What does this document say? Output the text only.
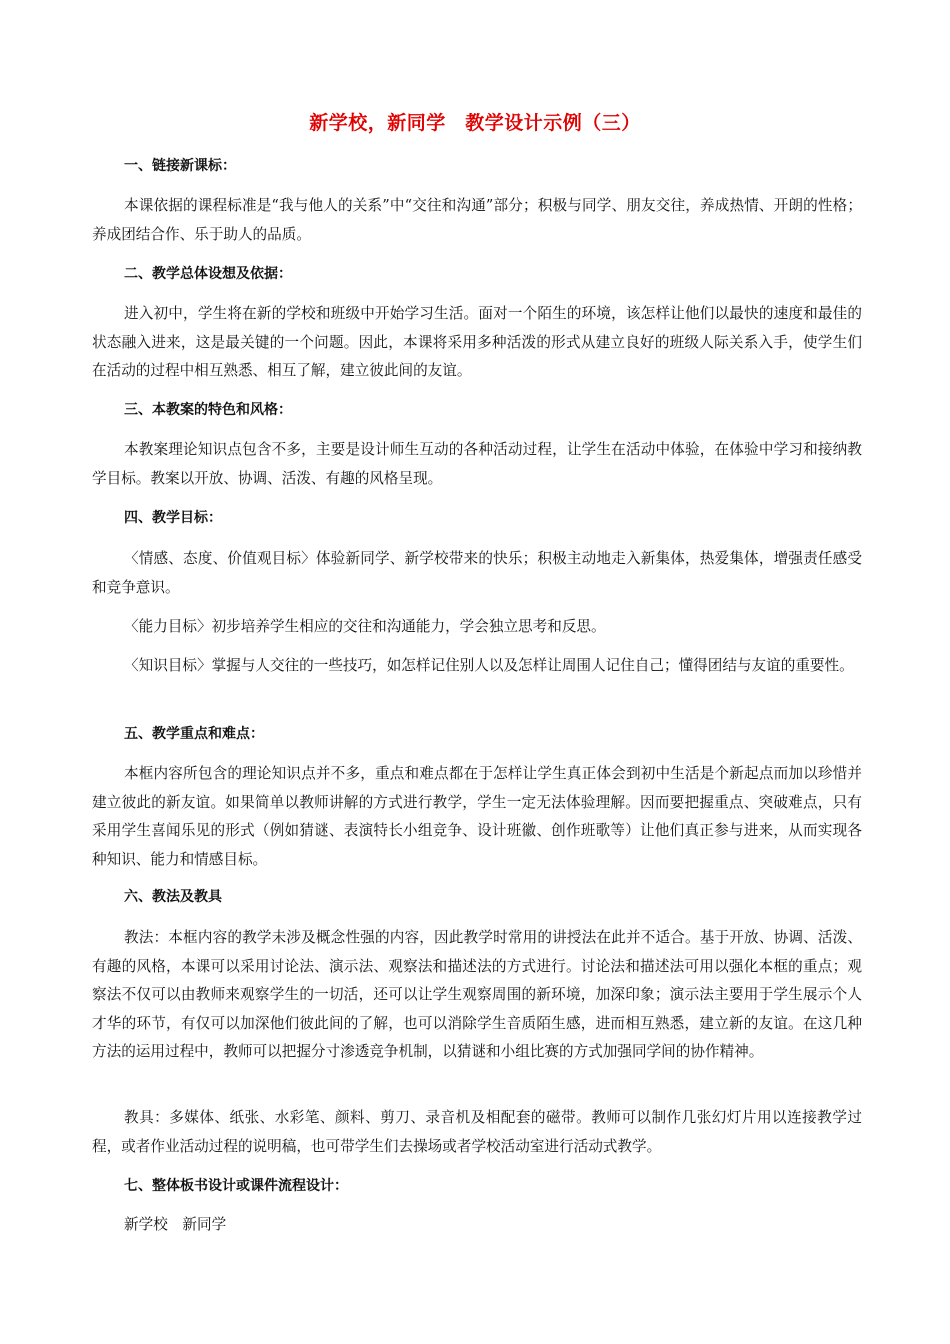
新学校，新同学　教学设计示例（三）
一、链接新课标：
本课依据的课程标准是“我与他人的关系”中“交往和沟通”部分；积极与同学、朋友交往，养成热情、开朗的性格；养成团结合作、乐于助人的品质。
二、教学总体设想及依据：
进入初中，学生将在新的学校和班级中开始学习生活。面对一个陌生的环境，该怎样让他们以最快的速度和最佳的状态融入进来，这是最关键的一个问题。因此，本课将采用多种活泼的形式从建立良好的班级人际关系入手，使学生们在活动的过程中相互熟悉、相互了解，建立彼此间的友谊。
三、本教案的特色和风格：
本教案理论知识点包含不多，主要是设计师生互动的各种活动过程，让学生在活动中体验，在体验中学习和接纳教学目标。教案以开放、协调、活泼、有趣的风格呈现。
四、教学目标：
〈情感、态度、价值观目标〉体验新同学、新学校带来的快乐；积极主动地走入新集体，热爱集体，增强责任感受和竞争意识。
〈能力目标〉初步培养学生相应的交往和沟通能力，学会独立思考和反思。
〈知识目标〉掌握与人交往的一些技巧，如怎样记住别人以及怎样让周围人记住自己；懂得团结与友谊的重要性。
五、教学重点和难点：
本框内容所包含的理论知识点并不多，重点和难点都在于怎样让学生真正体会到初中生活是个新起点而加以珍惜并建立彼此的新友谊。如果简单以教师讲解的方式进行教学，学生一定无法体验理解。因而要把握重点、突破难点，只有采用学生喜闻乐见的形式（例如猜谜、表演特长小组竞争、设计班徽、创作班歌等）让他们真正参与进来，从而实现各种知识、能力和情感目标。
六、教法及教具
教法：本框内容的教学未涉及概念性强的内容，因此教学时常用的讲授法在此并不适合。基于开放、协调、活泼、有趣的风格，本课可以采用讨论法、演示法、观察法和描述法的方式进行。讨论法和描述法可用以强化本框的重点；观察法不仅可以由教师来观察学生的一切活，还可以让学生观察周围的新环境，加深印象；演示法主要用于学生展示个人才华的环节，有仅可以加深他们彼此间的了解，也可以消除学生音质陌生感，进而相互熟悉，建立新的友谊。在这几种方法的运用过程中，教师可以把握分寸渗透竞争机制，以猜谜和小组比赛的方式加强同学间的协作精神。
教具：多媒体、纸张、水彩笔、颜料、剪刀、录音机及相配套的磁带。教师可以制作几张幻灯片用以连接教学过程，或者作业活动过程的说明稿，也可带学生们去操场或者学校活动室进行活动式教学。
七、整体板书设计或课件流程设计：
新学校　新同学
